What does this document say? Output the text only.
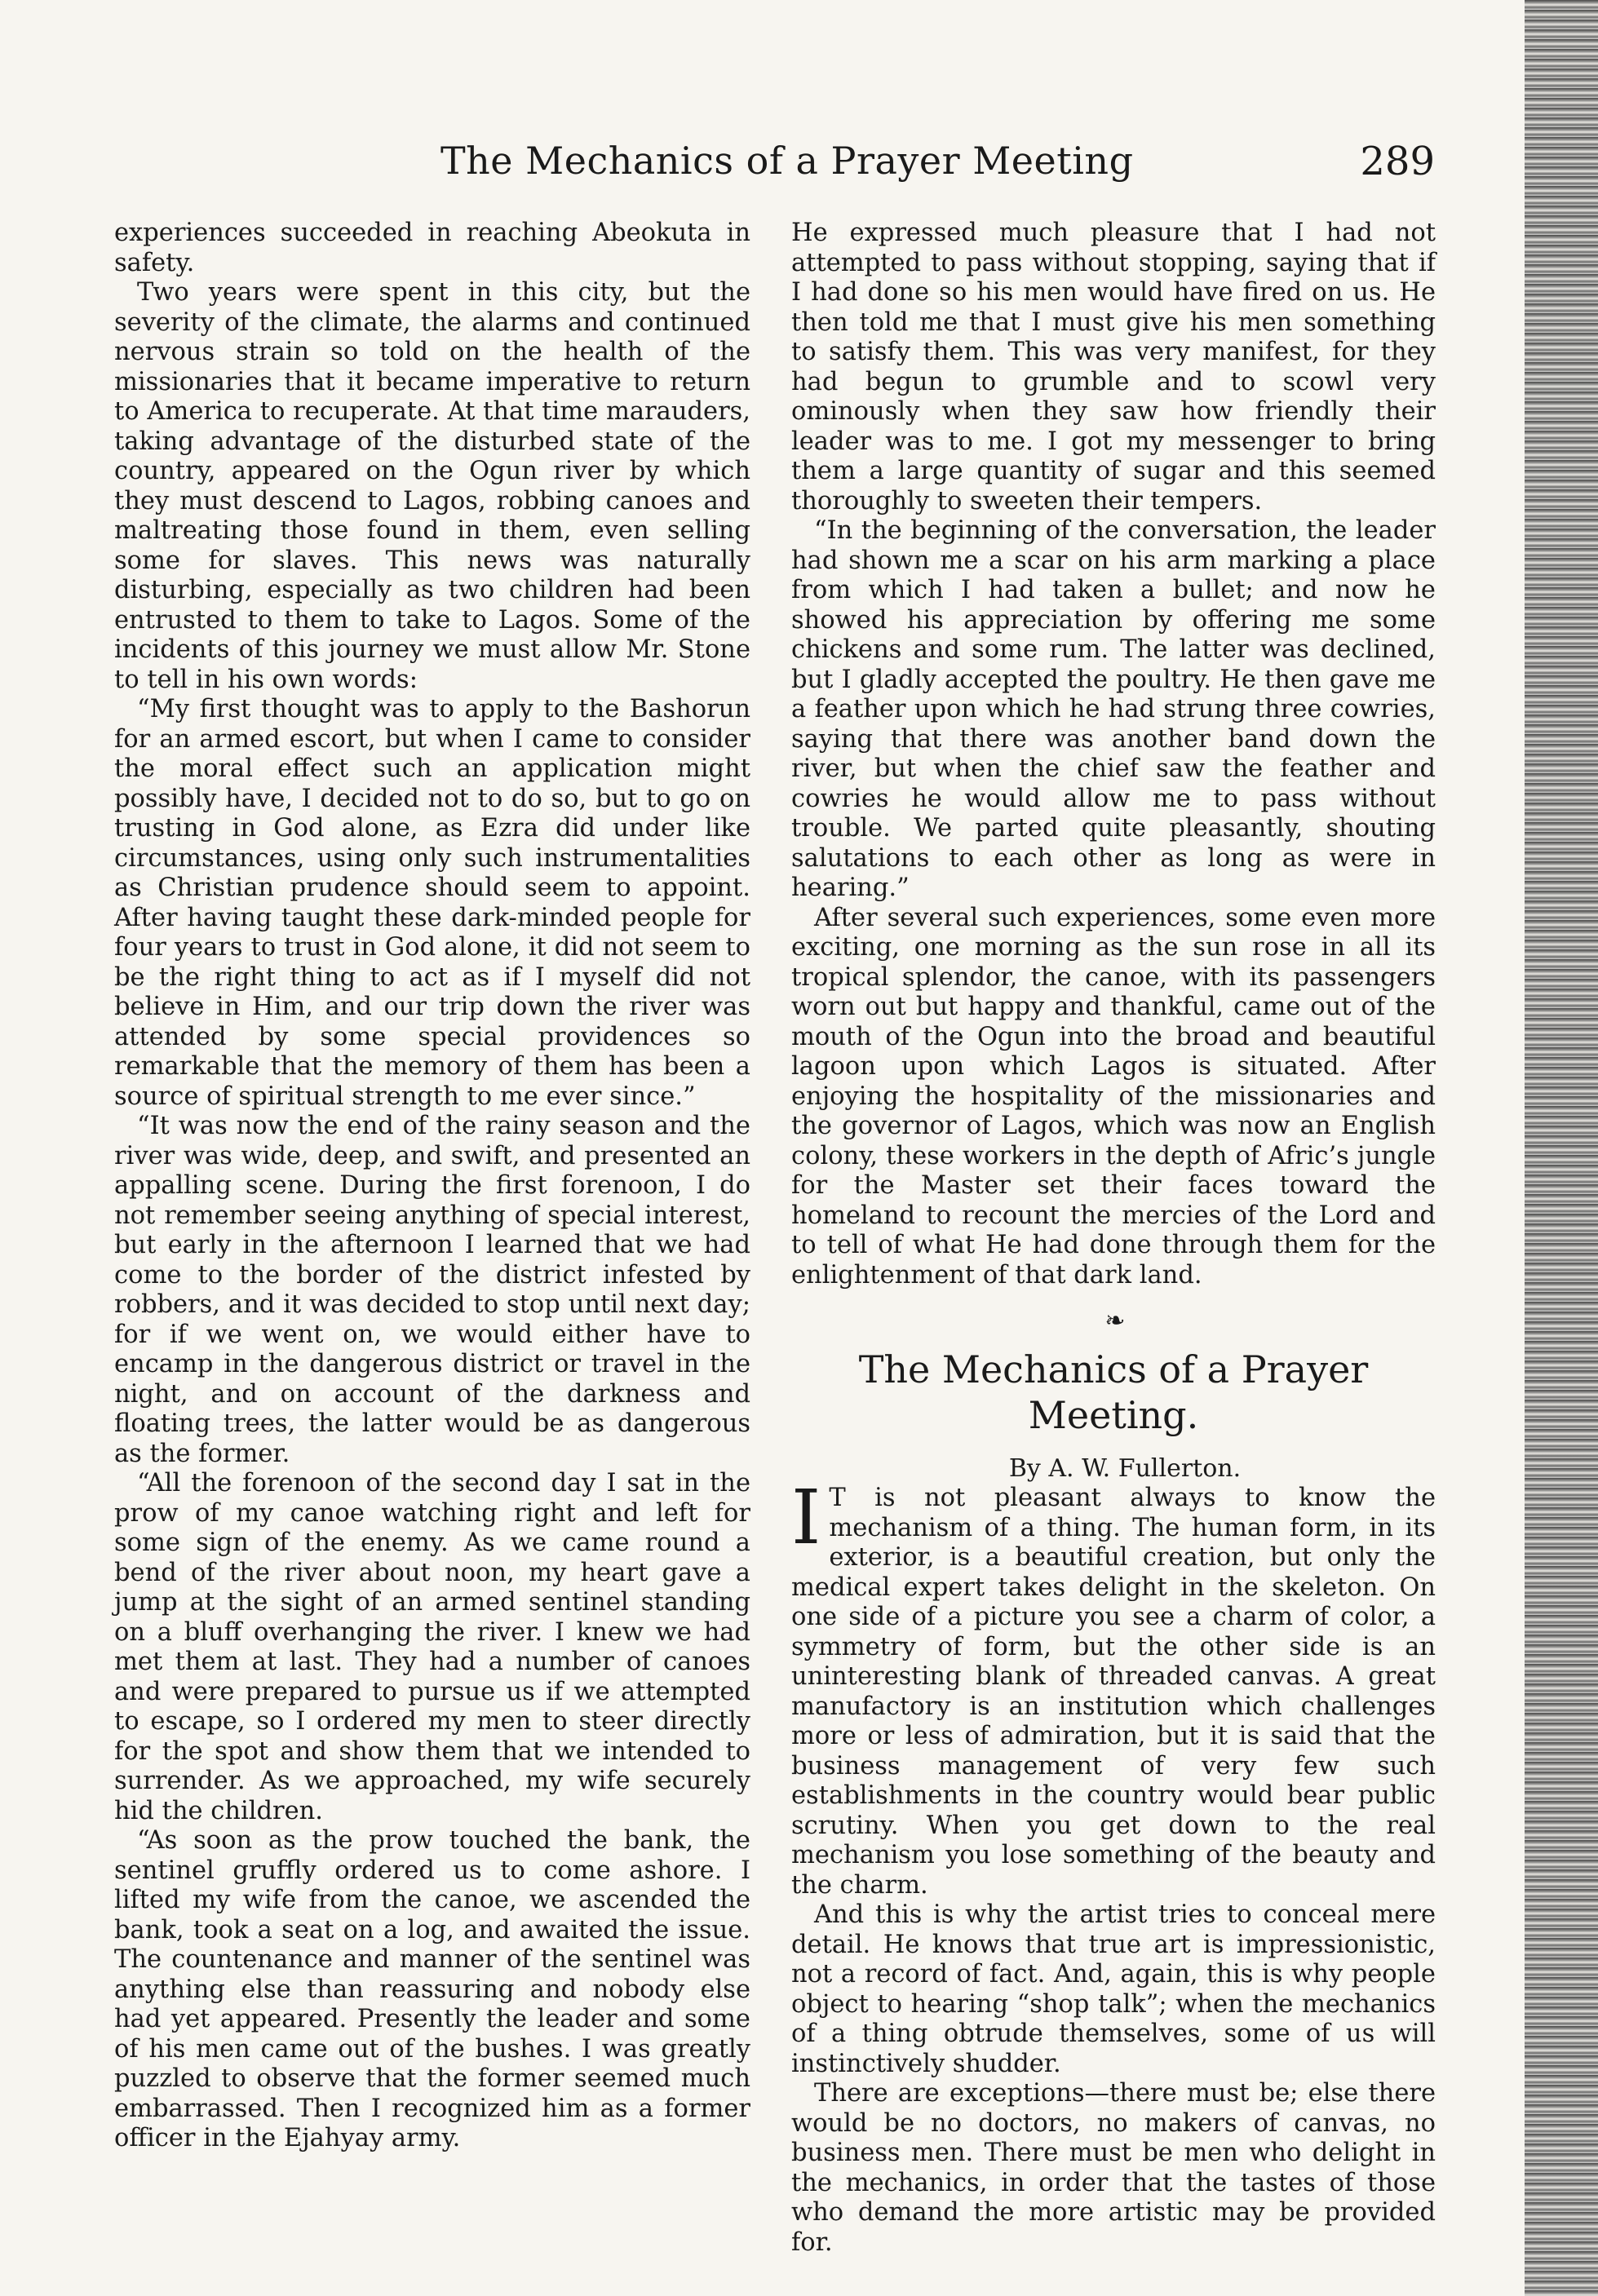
The Mechanics of a Prayer Meeting	289

experiences succeeded in reaching Abeokuta in safety.

Two years were spent in this city, but the severity of the climate, the alarms and continued nervous strain so told on the health of the missionaries that it became imperative to return to America to recuperate. At that time marauders, taking advantage of the disturbed state of the country, appeared on the Ogun river by which they must descend to Lagos, robbing canoes and maltreating those found in them, even selling some for slaves. This news was naturally disturbing, especially as two children had been entrusted to them to take to Lagos. Some of the incidents of this journey we must allow Mr. Stone to tell in his own words:

“My first thought was to apply to the Bashorun for an armed escort, but when I came to consider the moral effect such an application might possibly have, I decided not to do so, but to go on trusting in God alone, as Ezra did under like circumstances, using only such instrumentalities as Christian prudence should seem to appoint. After having taught these dark-minded people for four years to trust in God alone, it did not seem to be the right thing to act as if I myself did not believe in Him, and our trip down the river was attended by some special providences so remarkable that the memory of them has been a source of spiritual strength to me ever since.”

“It was now the end of the rainy season and the river was wide, deep, and swift, and presented an appalling scene. During the first forenoon, I do not remember seeing anything of special interest, but early in the afternoon I learned that we had come to the border of the district infested by robbers, and it was decided to stop until next day; for if we went on, we would either have to encamp in the dangerous district or travel in the night, and on account of the darkness and floating trees, the latter would be as dangerous as the former.

“All the forenoon of the second day I sat in the prow of my canoe watching right and left for some sign of the enemy. As we came round a bend of the river about noon, my heart gave a jump at the sight of an armed sentinel standing on a bluff overhanging the river. I knew we had met them at last. They had a number of canoes and were prepared to pursue us if we attempted to escape, so I ordered my men to steer directly for the spot and show them that we intended to surrender. As we approached, my wife securely hid the children.

“As soon as the prow touched the bank, the sentinel gruffly ordered us to come ashore. I lifted my wife from the canoe, we ascended the bank, took a seat on a log, and awaited the issue. The countenance and manner of the sentinel was anything else than reassuring and nobody else had yet appeared. Presently the leader and some of his men came out of the bushes. I was greatly puzzled to observe that the former seemed much embarrassed. Then I recognized him as a former officer in the Ejahyay army.

He expressed much pleasure that I had not attempted to pass without stopping, saying that if I had done so his men would have fired on us. He then told me that I must give his men something to satisfy them. This was very manifest, for they had begun to grumble and to scowl very ominously when they saw how friendly their leader was to me. I got my messenger to bring them a large quantity of sugar and this seemed thoroughly to sweeten their tempers.

“In the beginning of the conversation, the leader had shown me a scar on his arm marking a place from which I had taken a bullet; and now he showed his appreciation by offering me some chickens and some rum. The latter was declined, but I gladly accepted the poultry. He then gave me a feather upon which he had strung three cowries, saying that there was another band down the river, but when the chief saw the feather and cowries he would allow me to pass without trouble. We parted quite pleasantly, shouting salutations to each other as long as were in hearing.”

After several such experiences, some even more exciting, one morning as the sun rose in all its tropical splendor, the canoe, with its passengers worn out but happy and thankful, came out of the mouth of the Ogun into the broad and beautiful lagoon upon which Lagos is situated. After enjoying the hospitality of the missionaries and the governor of Lagos, which was now an English colony, these workers in the depth of Afric’s jungle for the Master set their faces toward the homeland to recount the mercies of the Lord and to tell of what He had done through them for the enlightenment of that dark land.

❧
The Mechanics of a Prayer Meeting.

By A. W. Fullerton.

I T is not pleasant always to know the mechanism of a thing. The human form, in its exterior, is a beautiful creation, but only the medical expert takes delight in the skeleton. On one side of a picture you see a charm of color, a symmetry of form, but the other side is an uninteresting blank of threaded canvas. A great manufactory is an institution which challenges more or less of admiration, but it is said that the business management of very few such establishments in the country would bear public scrutiny. When you get down to the real mechanism you lose something of the beauty and the charm.

And this is why the artist tries to conceal mere detail. He knows that true art is impressionistic, not a record of fact. And, again, this is why people object to hearing “shop talk”; when the mechanics of a thing obtrude themselves, some of us will instinctively shudder.

There are exceptions—there must be; else there would be no doctors, no makers of canvas, no business men. There must be men who delight in the mechanics, in order that the tastes of those who demand the more artistic may be provided for.
